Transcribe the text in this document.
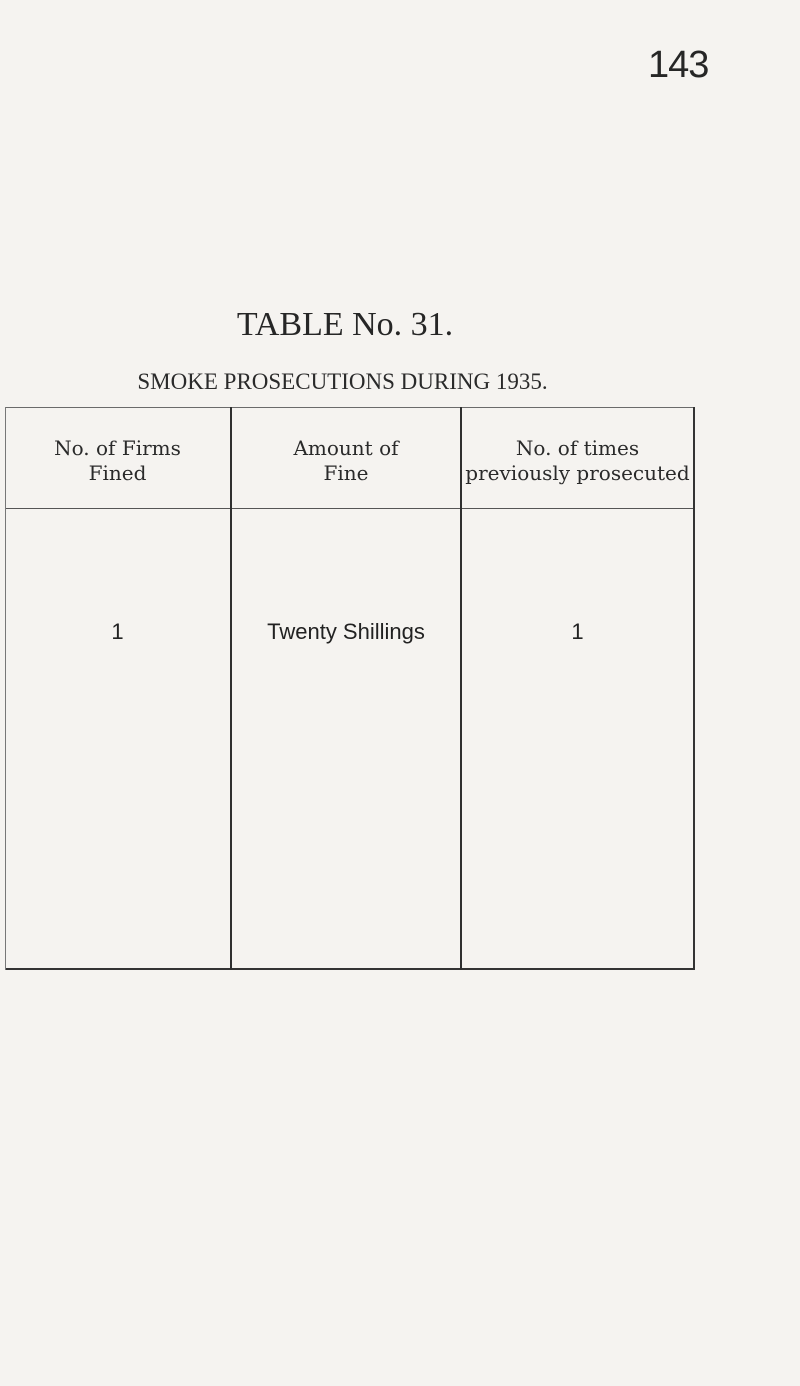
143
TABLE No. 31.
SMOKE PROSECUTIONS DURING 1935.
No. of Firms
Fined
Amount of
Fine
No. of times
previously prosecuted
1	Twenty Shillings	1
